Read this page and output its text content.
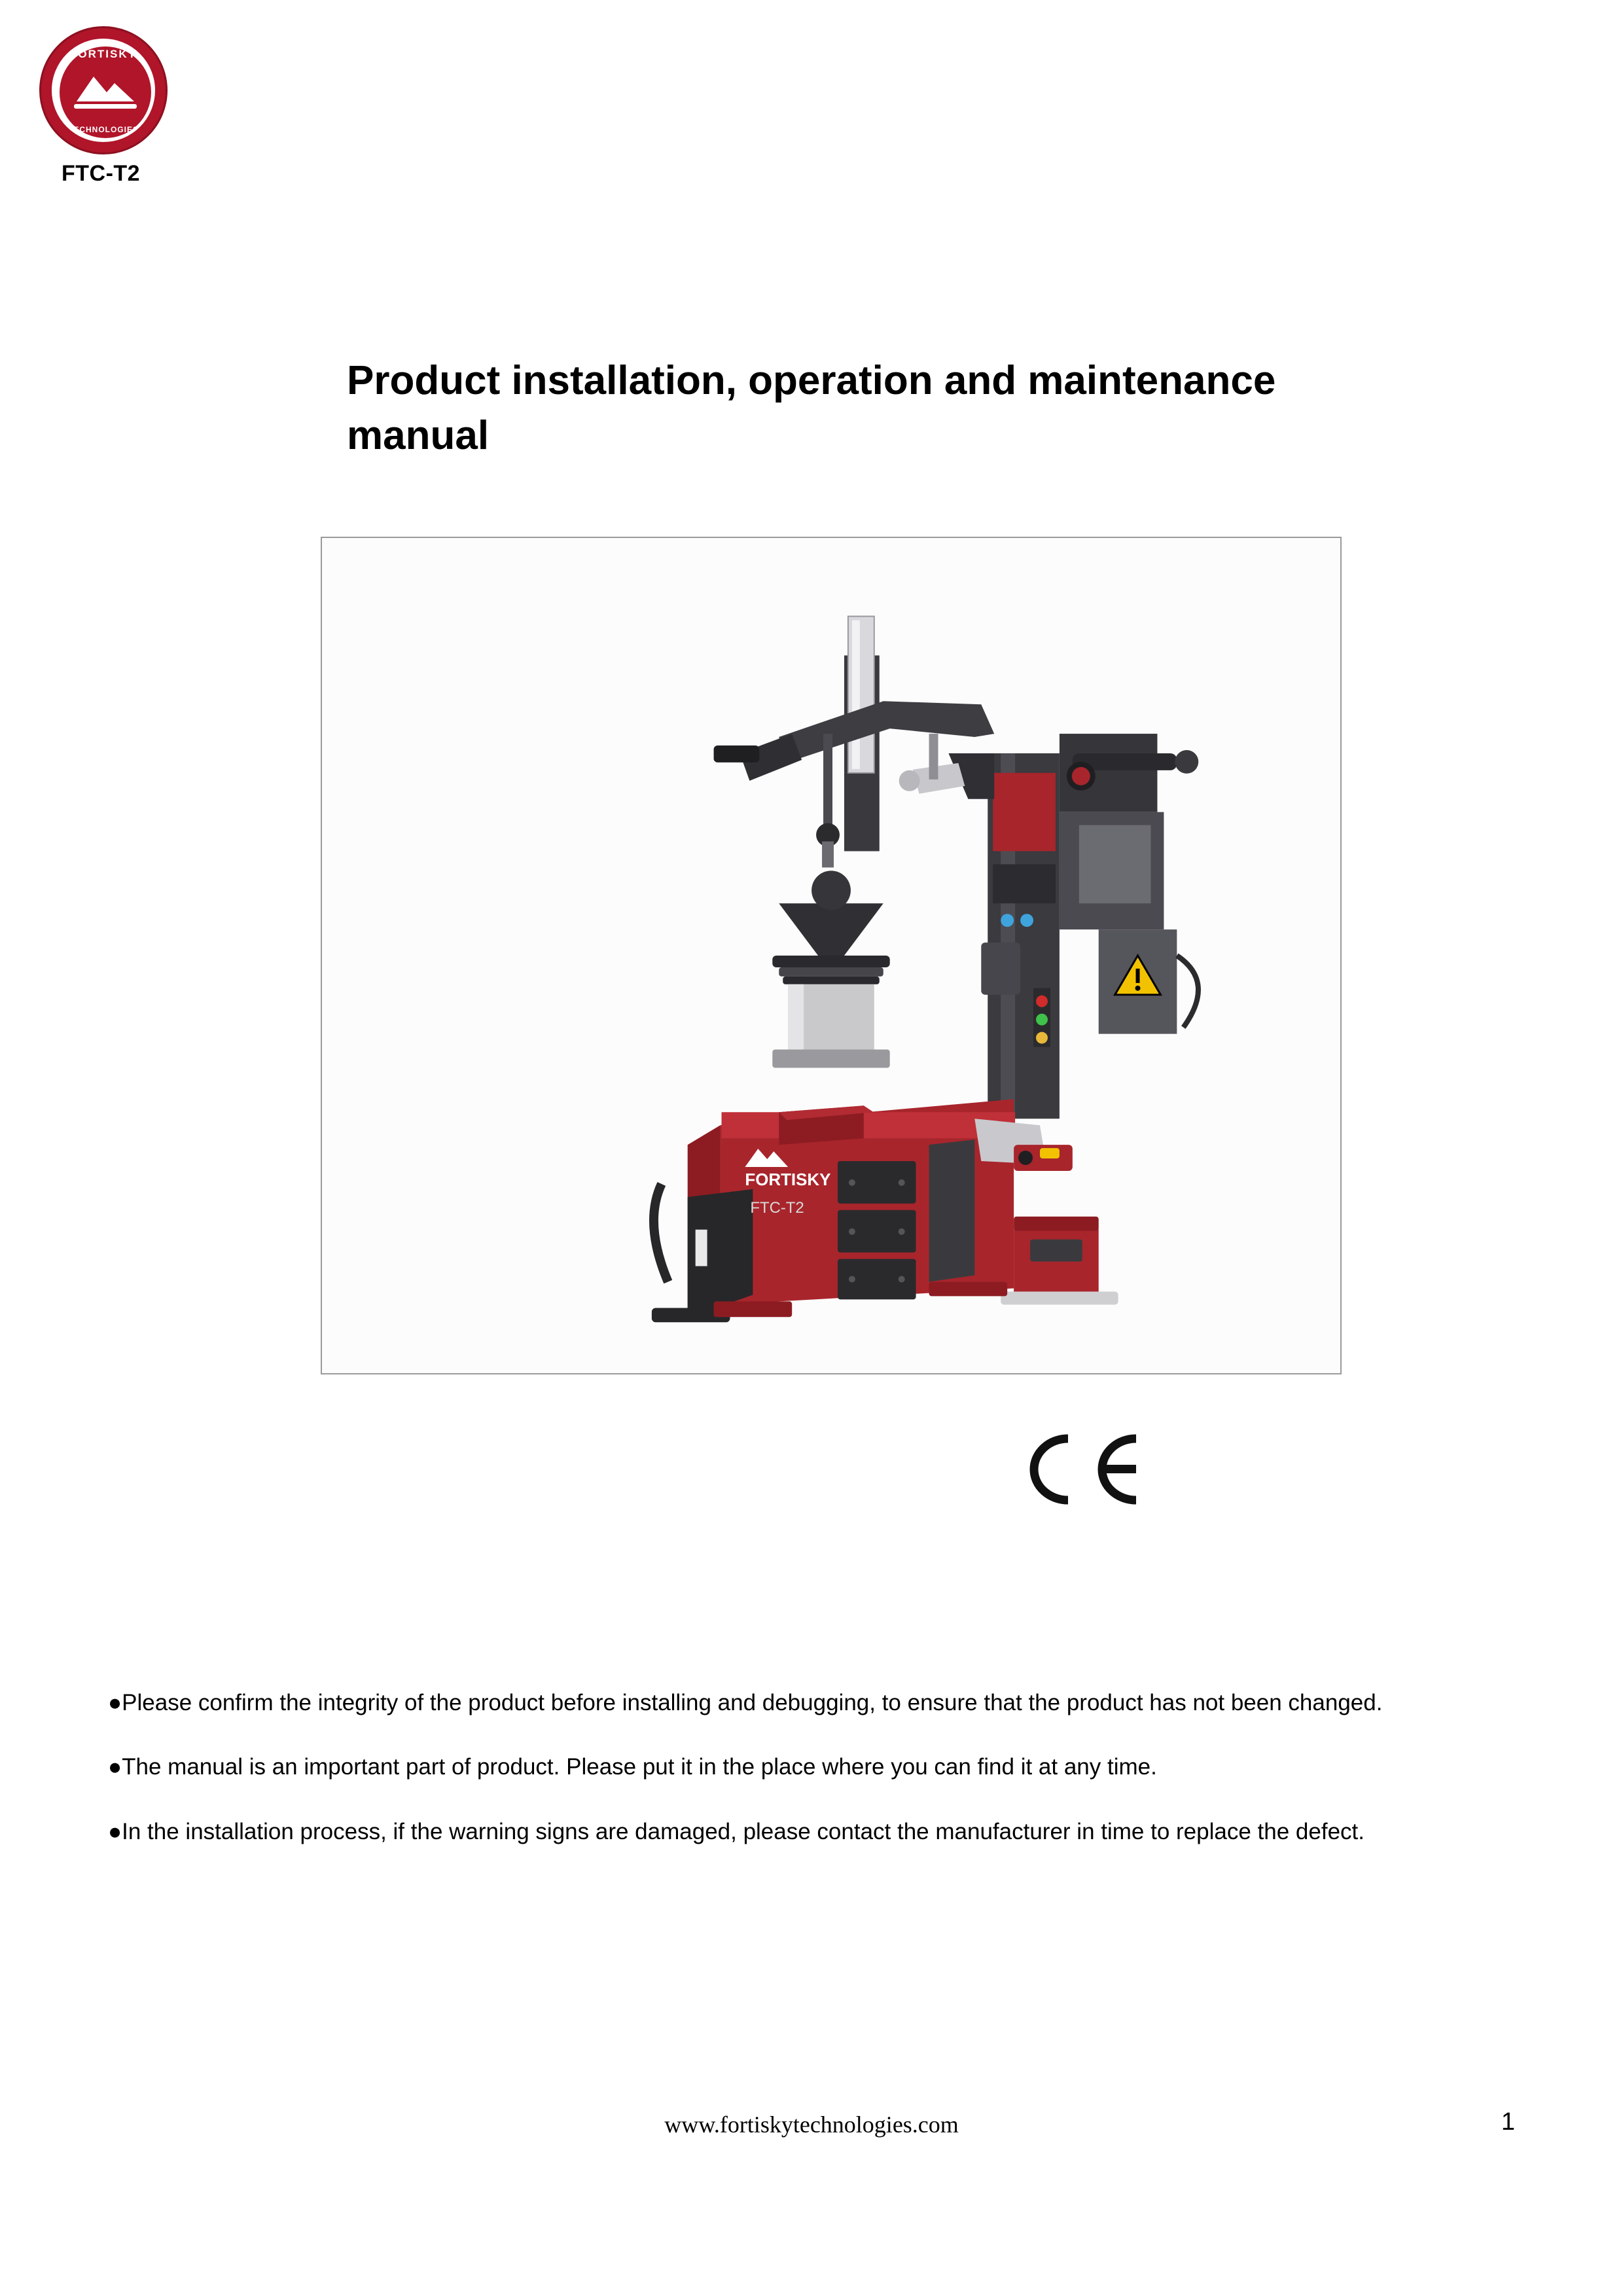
FORTISKY
TECHNOLOGIES
FTC-T2
Product installation, operation and maintenance manual
FORTISKY
FTC-T2

●Please confirm the integrity of the product before installing and debugging, to ensure that the product has not been changed.

●The manual is an important part of product. Please put it in the place where you can find it at any time.

●In the installation process, if the warning signs are damaged, please contact the manufacturer in time to replace the defect.

www.fortiskytechnologies.com	1
